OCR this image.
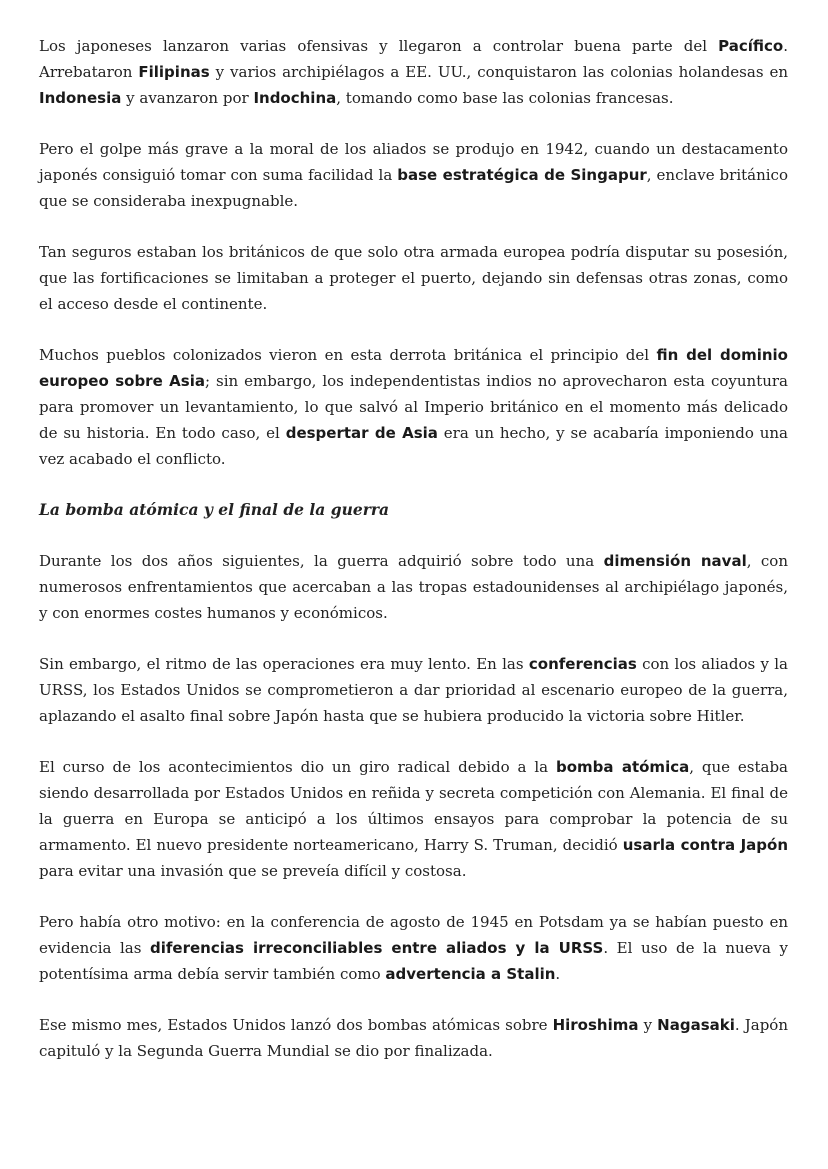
Los japoneses lanzaron varias ofensivas y llegaron a controlar buena parte del Pacífico. Arrebataron Filipinas y varios archipiélagos a EE. UU., conquistaron las colonias holandesas en Indonesia y avanzaron por Indochina, tomando como base las colonias francesas.

Pero el golpe más grave a la moral de los aliados se produjo en 1942, cuando un destacamento japonés consiguió tomar con suma facilidad la base estratégica de Singapur, enclave británico que se consideraba inexpugnable.

Tan seguros estaban los británicos de que solo otra armada europea podría disputar su posesión, que las fortificaciones se limitaban a proteger el puerto, dejando sin defensas otras zonas, como el acceso desde el continente.

Muchos pueblos colonizados vieron en esta derrota británica el principio del fin del dominio europeo sobre Asia; sin embargo, los independentistas indios no aprovecharon esta coyuntura para promover un levantamiento, lo que salvó al Imperio británico en el momento más delicado de su historia. En todo caso, el despertar de Asia era un hecho, y se acabaría imponiendo una vez acabado el conflicto.

La bomba atómica y el final de la guerra

Durante los dos años siguientes, la guerra adquirió sobre todo una dimensión naval, con numerosos enfrentamientos que acercaban a las tropas estadounidenses al archipiélago japonés, y con enormes costes humanos y económicos.

Sin embargo, el ritmo de las operaciones era muy lento. En las conferencias con los aliados y la URSS, los Estados Unidos se comprometieron a dar prioridad al escenario europeo de la guerra, aplazando el asalto final sobre Japón hasta que se hubiera producido la victoria sobre Hitler.

El curso de los acontecimientos dio un giro radical debido a la bomba atómica, que estaba siendo desarrollada por Estados Unidos en reñida y secreta competición con Alemania. El final de la guerra en Europa se anticipó a los últimos ensayos para comprobar la potencia de su armamento. El nuevo presidente norteamericano, Harry S. Truman, decidió usarla contra Japón para evitar una invasión que se preveía difícil y costosa.

Pero había otro motivo: en la conferencia de agosto de 1945 en Potsdam ya se habían puesto en evidencia las diferencias irreconciliables entre aliados y la URSS. El uso de la nueva y potentísima arma debía servir también como advertencia a Stalin.

Ese mismo mes, Estados Unidos lanzó dos bombas atómicas sobre Hiroshima y Nagasaki. Japón capituló y la Segunda Guerra Mundial se dio por finalizada.
